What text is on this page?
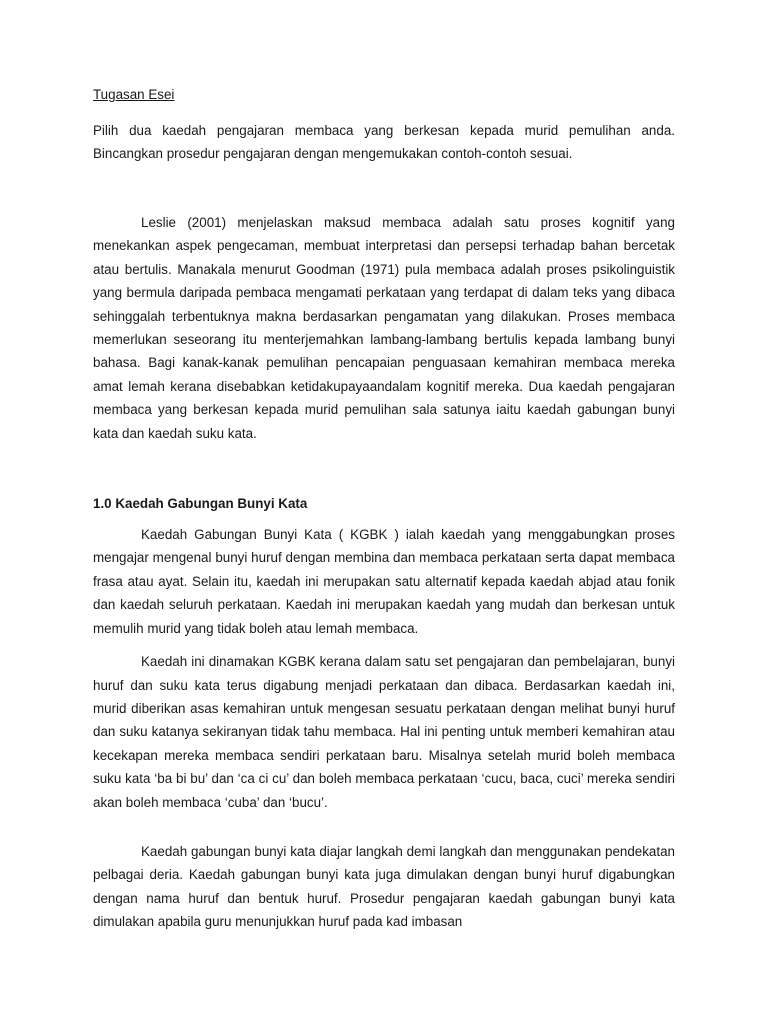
Tugasan Esei

Pilih dua kaedah pengajaran membaca yang berkesan kepada murid pemulihan anda. Bincangkan prosedur pengajaran dengan mengemukakan contoh-contoh sesuai.

Leslie (2001) menjelaskan maksud membaca adalah satu proses kognitif yang menekankan aspek pengecaman, membuat interpretasi dan persepsi terhadap bahan bercetak atau bertulis. Manakala menurut Goodman (1971) pula membaca adalah proses psikolinguistik yang bermula daripada pembaca mengamati perkataan yang terdapat di dalam teks yang dibaca sehinggalah terbentuknya makna berdasarkan pengamatan yang dilakukan. Proses membaca memerlukan seseorang itu menterjemahkan lambang-lambang bertulis kepada lambang bunyi bahasa. Bagi kanak-kanak pemulihan pencapaian penguasaan kemahiran membaca mereka amat lemah kerana disebabkan ketidakupayaandalam kognitif mereka. Dua kaedah pengajaran membaca yang berkesan kepada murid pemulihan sala satunya iaitu kaedah gabungan bunyi kata dan kaedah suku kata.

1.0 Kaedah Gabungan Bunyi Kata

Kaedah Gabungan Bunyi Kata ( KGBK ) ialah kaedah yang menggabungkan proses mengajar mengenal bunyi huruf dengan membina dan membaca perkataan serta dapat membaca frasa atau ayat. Selain itu, kaedah ini merupakan satu alternatif kepada kaedah abjad atau fonik dan kaedah seluruh perkataan. Kaedah ini merupakan kaedah yang mudah dan berkesan untuk memulih murid yang tidak boleh atau lemah membaca.

Kaedah ini dinamakan KGBK kerana dalam satu set pengajaran dan pembelajaran, bunyi huruf dan suku kata terus digabung menjadi perkataan dan dibaca. Berdasarkan kaedah ini, murid diberikan asas kemahiran untuk mengesan sesuatu perkataan dengan melihat bunyi huruf dan suku katanya sekiranyan tidak tahu membaca. Hal ini penting untuk memberi kemahiran atau kecekapan mereka membaca sendiri perkataan baru. Misalnya setelah murid boleh membaca suku kata ‘ba bi bu’ dan ‘ca ci cu’ dan boleh membaca perkataan ‘cucu, baca, cuci’ mereka sendiri akan boleh membaca ‘cuba’ dan ‘bucu’.

Kaedah gabungan bunyi kata diajar langkah demi langkah dan menggunakan pendekatan pelbagai deria. Kaedah gabungan bunyi kata juga dimulakan dengan bunyi huruf digabungkan dengan nama huruf dan bentuk huruf. Prosedur pengajaran kaedah gabungan bunyi kata dimulakan apabila guru menunjukkan huruf pada kad imbasan
